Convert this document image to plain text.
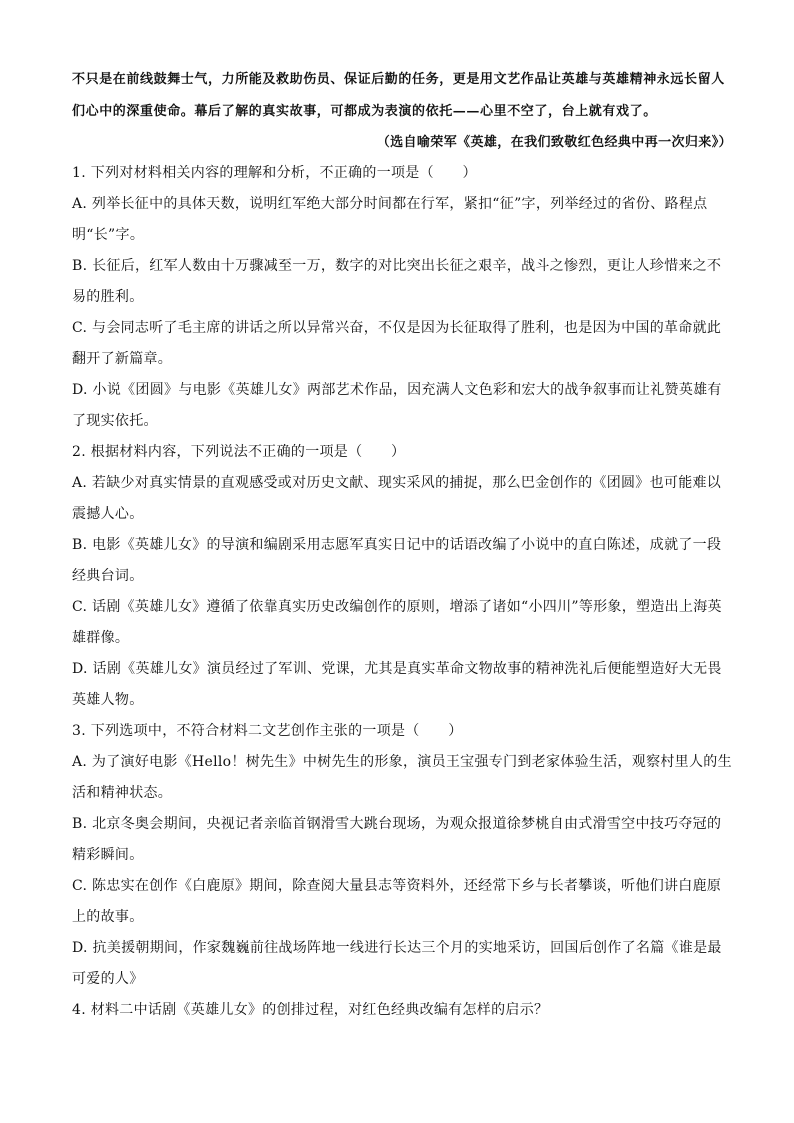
不只是在前线鼓舞士气，力所能及救助伤员、保证后勤的任务，更是用文艺作品让英雄与英雄精神永远长留人们心中的深重使命。幕后了解的真实故事，可都成为表演的依托——心里不空了，台上就有戏了。

（选自喻荣军《英雄，在我们致敬红色经典中再一次归来》）

1. 下列对材料相关内容的理解和分析，不正确的一项是（　　）

A. 列举长征中的具体天数，说明红军绝大部分时间都在行军，紧扣“征”字，列举经过的省份、路程点明“长”字。

B. 长征后，红军人数由十万骤减至一万，数字的对比突出长征之艰辛，战斗之惨烈，更让人珍惜来之不易的胜利。

C. 与会同志听了毛主席的讲话之所以异常兴奋，不仅是因为长征取得了胜利，也是因为中国的革命就此翻开了新篇章。

D. 小说《团圆》与电影《英雄儿女》两部艺术作品，因充满人文色彩和宏大的战争叙事而让礼赞英雄有了现实依托。

2. 根据材料内容，下列说法不正确的一项是（　　）

A. 若缺少对真实情景的直观感受或对历史文献、现实采风的捕捉，那么巴金创作的《团圆》也可能难以震撼人心。

B. 电影《英雄儿女》的导演和编剧采用志愿军真实日记中的话语改编了小说中的直白陈述，成就了一段经典台词。

C. 话剧《英雄儿女》遵循了依靠真实历史改编创作的原则，增添了诸如“小四川”等形象，塑造出上海英雄群像。

D. 话剧《英雄儿女》演员经过了军训、党课，尤其是真实革命文物故事的精神洗礼后便能塑造好大无畏英雄人物。

3. 下列选项中，不符合材料二文艺创作主张的一项是（　　）

A. 为了演好电影《Hello！树先生》中树先生的形象，演员王宝强专门到老家体验生活，观察村里人的生活和精神状态。

B. 北京冬奥会期间，央视记者亲临首钢滑雪大跳台现场，为观众报道徐梦桃自由式滑雪空中技巧夺冠的精彩瞬间。

C. 陈忠实在创作《白鹿原》期间，除查阅大量县志等资料外，还经常下乡与长者攀谈，听他们讲白鹿原上的故事。

D. 抗美援朝期间，作家魏巍前往战场阵地一线进行长达三个月的实地采访，回国后创作了名篇《谁是最可爱的人》

4. 材料二中话剧《英雄儿女》的创排过程，对红色经典改编有怎样的启示？
